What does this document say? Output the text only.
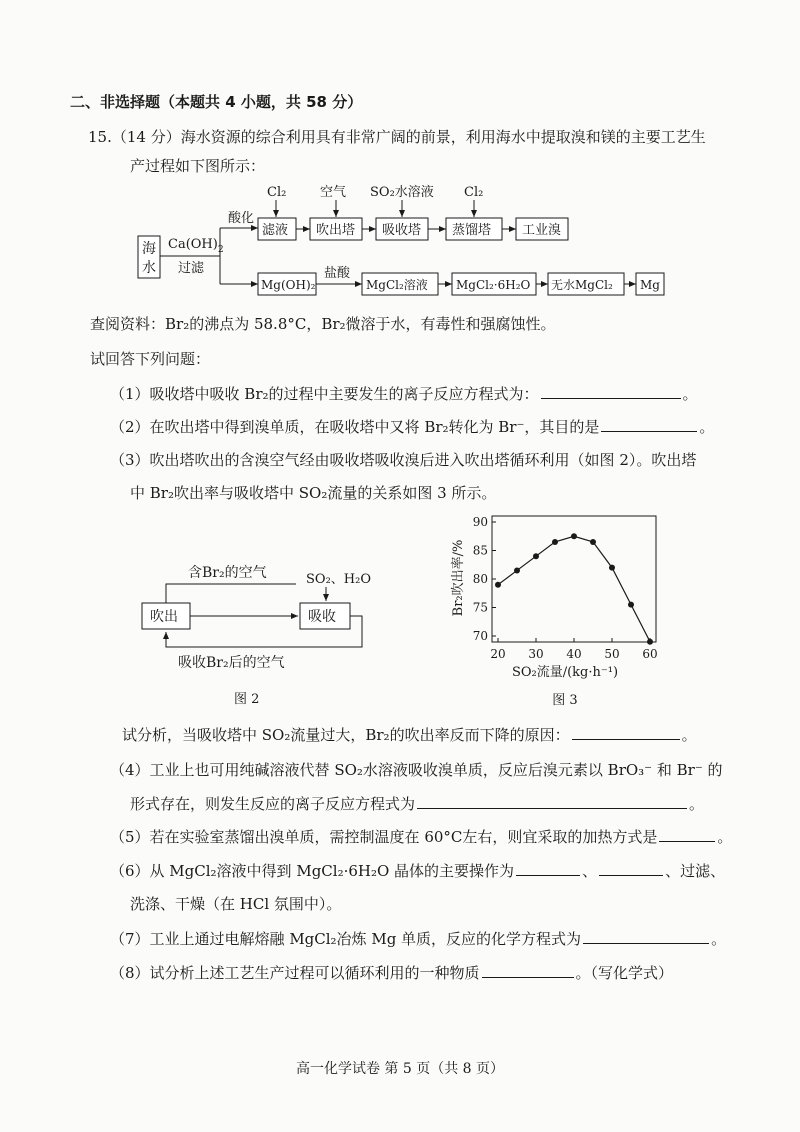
二、非选择题（本题共 4 小题，共 58 分）
15.（14 分）海水资源的综合利用具有非常广阔的前景，利用海水中提取溴和镁的主要工艺生
产过程如下图所示：
海
水
$Ca(OH)_2$
过滤
酸化
滤液 吹出塔 吸收塔 蒸馏塔 工业溴
Cl₂	空气 SO₂水溶液 Cl₂
Mg(OH)₂
盐酸
MgCl₂溶液 MgCl₂·6H₂O 无水MgCl₂ Mg
查阅资料：Br₂的沸点为 58.8°C，Br₂微溶于水，有毒性和强腐蚀性。
试回答下列问题：
（1）吸收塔中吸收 Br₂的过程中主要发生的离子反应方程式为：	。
（2）在吹出塔中得到溴单质，在吸收塔中又将 Br₂转化为 Br⁻，其目的是	。
（3）吹出塔吹出的含溴空气经由吸收塔吸收溴后进入吹出塔循环利用（如图 2）。吹出塔
中 Br₂吹出率与吸收塔中 SO₂流量的关系如图 3 所示。
含Br₂的空气	SO₂、H₂O
吹出	吸收
吸收Br₂后的空气
图 2
20 30 40 50 60
70
75
80
85
90
SO₂流量/(kg·h⁻¹)
Br₂吹出率/%
图 3
试分析，当吸收塔中 SO₂流量过大，Br₂的吹出率反而下降的原因：	。
（4）工业上也可用纯碱溶液代替 SO₂水溶液吸收溴单质，反应后溴元素以 BrO₃⁻ 和 Br⁻ 的
形式存在，则发生反应的离子反应方程式为	。
（5）若在实验室蒸馏出溴单质，需控制温度在 60°C左右，则宜采取的加热方式是	。
（6）从 MgCl₂溶液中得到 MgCl₂·6H₂O 晶体的主要操作为	、	、过滤、
洗涤、干燥（在 HCl 氛围中）。
（7）工业上通过电解熔融 MgCl₂冶炼 Mg 单质，反应的化学方程式为	。
（8）试分析上述工艺生产过程可以循环利用的一种物质	。（写化学式）
高一化学试卷 第 5 页（共 8 页）
